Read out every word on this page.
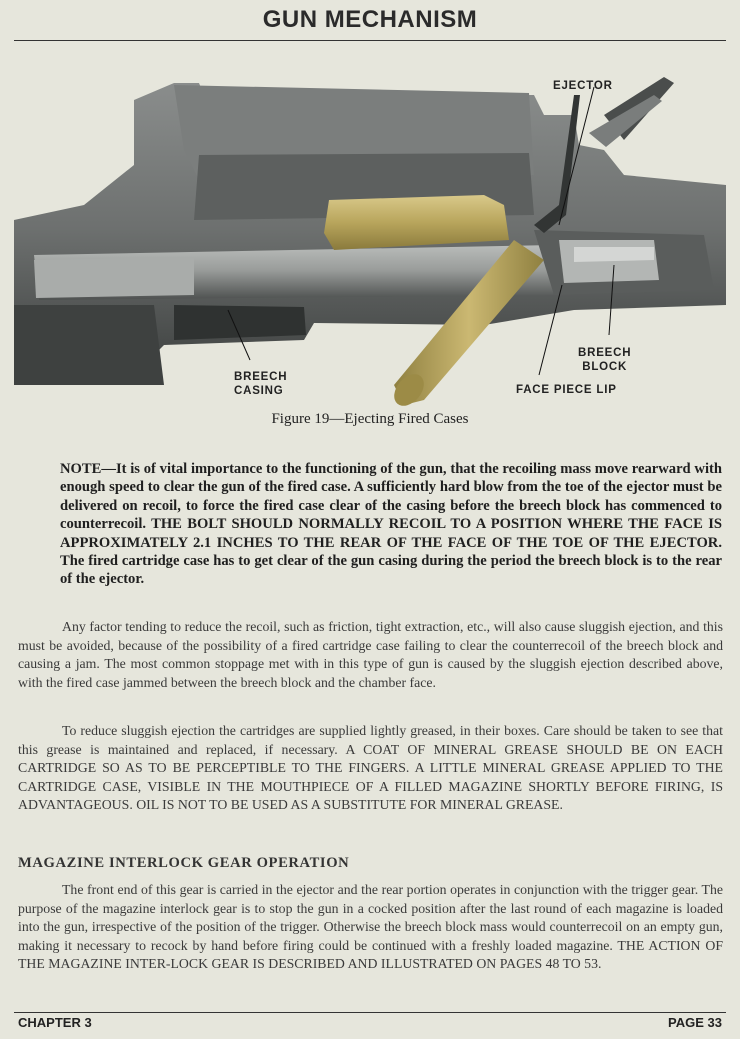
GUN MECHANISM
EJECTOR
BREECH
BLOCK
BREECH
CASING	FACE PIECE LIP
Figure 19—Ejecting Fired Cases
NOTE—It is of vital importance to the functioning of the gun, that the recoiling mass move rearward with enough speed to clear the gun of the fired case. A sufficiently hard blow from the toe of the ejector must be delivered on recoil, to force the fired case clear of the casing before the breech block has commenced to counterrecoil. THE BOLT SHOULD NORMALLY RECOIL TO A POSITION WHERE THE FACE IS APPROXIMATELY 2.1 INCHES TO THE REAR OF THE FACE OF THE TOE OF THE EJECTOR. The fired cartridge case has to get clear of the gun casing during the period the breech block is to the rear of the ejector.
Any factor tending to reduce the recoil, such as friction, tight extraction, etc., will also cause sluggish ejection, and this must be avoided, because of the possibility of a fired cartridge case failing to clear the counterrecoil of the breech block and causing a jam. The most common stoppage met with in this type of gun is caused by the sluggish ejection described above, with the fired case jammed between the breech block and the chamber face.
To reduce sluggish ejection the cartridges are supplied lightly greased, in their boxes. Care should be taken to see that this grease is maintained and replaced, if necessary. A COAT OF MINERAL GREASE SHOULD BE ON EACH CARTRIDGE SO AS TO BE PERCEPTIBLE TO THE FINGERS. A LITTLE MINERAL GREASE APPLIED TO THE CARTRIDGE CASE, VISIBLE IN THE MOUTHPIECE OF A FILLED MAGAZINE SHORTLY BEFORE FIRING, IS ADVANTAGEOUS. OIL IS NOT TO BE USED AS A SUBSTITUTE FOR MINERAL GREASE.
MAGAZINE INTERLOCK GEAR OPERATION
The front end of this gear is carried in the ejector and the rear portion operates in conjunction with the trigger gear. The purpose of the magazine interlock gear is to stop the gun in a cocked position after the last round of each magazine is loaded into the gun, irrespective of the position of the trigger. Otherwise the breech block mass would counterrecoil on an empty gun, making it necessary to recock by hand before firing could be continued with a freshly loaded magazine. THE ACTION OF THE MAGAZINE INTER-LOCK GEAR IS DESCRIBED AND ILLUSTRATED ON PAGES 48 TO 53.
CHAPTER 3	PAGE 33
